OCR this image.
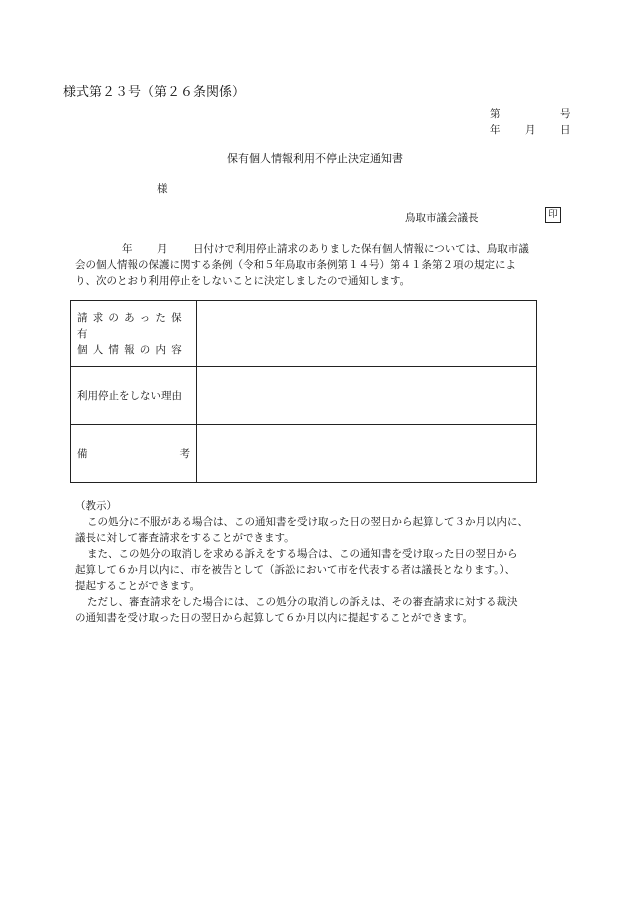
様式第２３号（第２６条関係）
第	号
年 月 日
保有個人情報利用不停止決定通知書
様
鳥取市議会議長	印
年 月 日付けで利用停止請求のありました保有個人情報については、鳥取市議
会の個人情報の保護に関する条例（令和５年鳥取市条例第１４号）第４１条第２項の規定によ
り、次のとおり利用停止をしないことに決定しましたので通知します。
請求のあった保有
個人情報の内容	

利用停止をしない理由	

備 考	

（教示）
この処分に不服がある場合は、この通知書を受け取った日の翌日から起算して３か月以内に、
議長に対して審査請求をすることができます。
また、この処分の取消しを求める訴えをする場合は、この通知書を受け取った日の翌日から
起算して６か月以内に、市を被告として（訴訟において市を代表する者は議長となります。）、
提起することができます。
ただし、審査請求をした場合には、この処分の取消しの訴えは、その審査請求に対する裁決
の通知書を受け取った日の翌日から起算して６か月以内に提起することができます。
